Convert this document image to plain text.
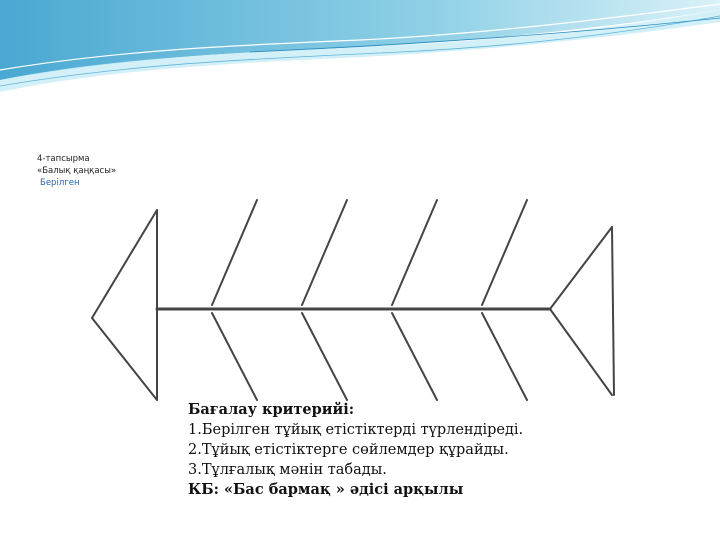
4-тапсырма
«Балық қаңқасы»
Берілген
Бағалау критерийі:
1.Берілген тұйық етістіктерді түрлендіреді.
2.Тұйық етістіктерге сөйлемдер құрайды.
3.Тұлғалық мәнін табады.
КБ: «Бас бармақ » әдісі арқылы
